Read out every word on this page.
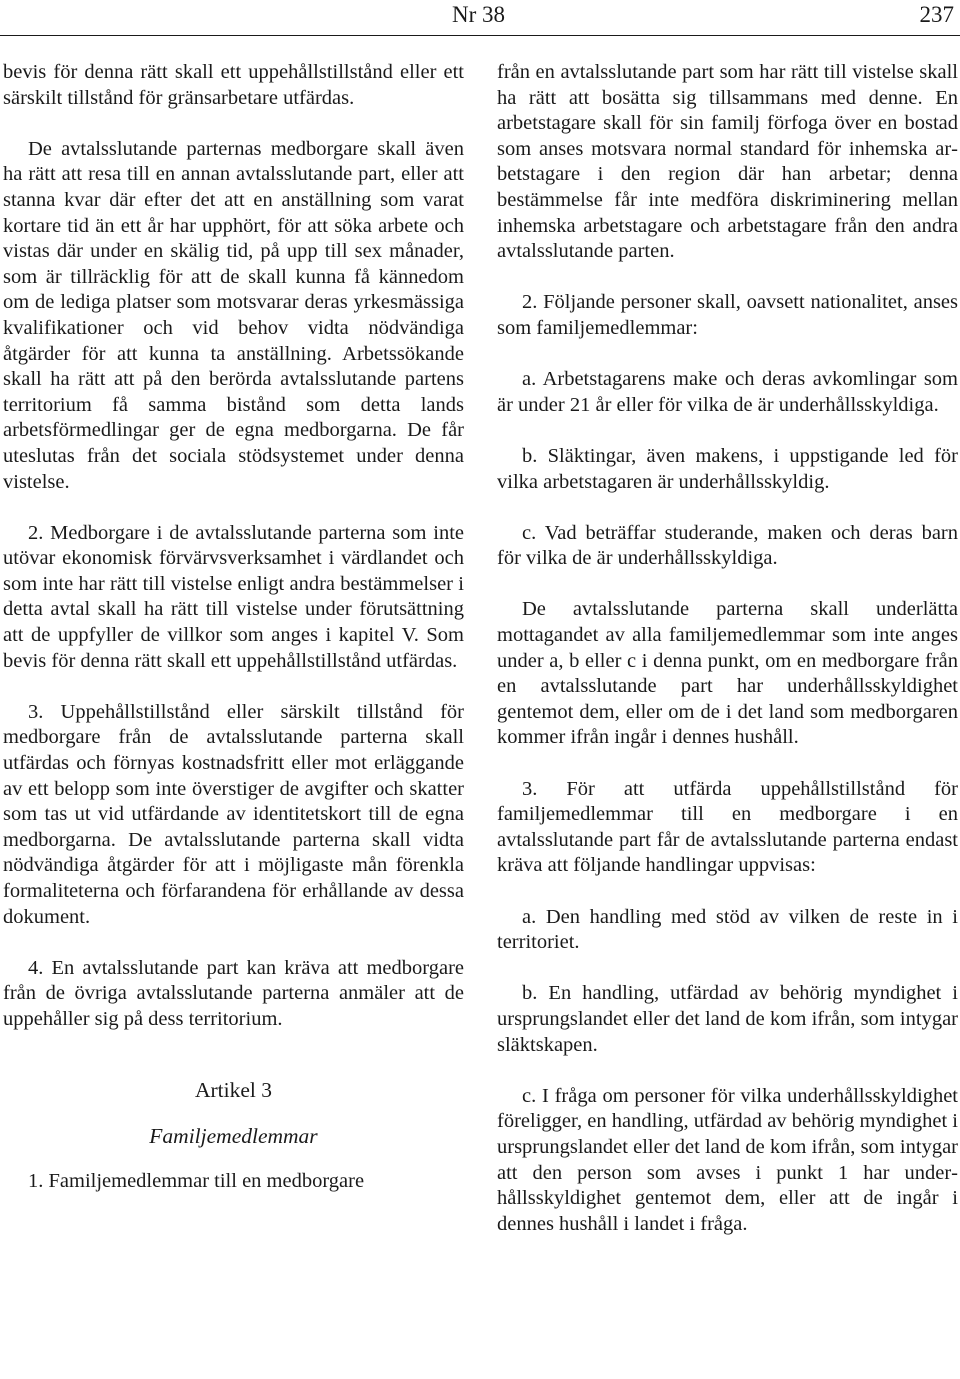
Nr 38	237

bevis för denna rätt skall ett uppehållstillstånd eller ett särskilt tillstånd för gränsarbetare utfärdas.

De avtalsslutande parternas medborgare skall även ha rätt att resa till en annan avtalsslutande part, eller att stanna kvar där efter det att en anställning som varat kortare tid än ett år har upphört, för att söka arbete och vistas där under en skälig tid, på upp till sex månader, som är tillräcklig för att de skall kunna få kännedom om de lediga platser som motsvarar deras yrkesmässiga kvalifikationer och vid behov vidta nödvändiga åtgärder för att kunna ta anställning. Arbetssökande skall ha rätt att på den berörda avtalsslutande partens territorium få samma bistånd som detta lands arbetsförmedlingar ger de egna medborgarna. De får uteslutas från det sociala stödsystemet under denna vistelse.

2. Medborgare i de avtalsslutande parterna som inte utövar ekonomisk förvärvsverksamhet i värdlandet och som inte har rätt till vistelse enligt andra bestämmelser i detta avtal skall ha rätt till vistelse under förutsättning att de uppfyller de villkor som anges i kapitel V. Som bevis för denna rätt skall ett uppehållstillstånd utfärdas.

3. Uppehållstillstånd eller särskilt tillstånd för medborgare från de avtalsslutande parterna skall utfärdas och förnyas kostnadsfritt eller mot erläggande av ett belopp som inte överstiger de avgifter och skatter som tas ut vid utfärdande av identitetskort till de egna medborgarna. De avtalsslutande parterna skall vidta nödvändiga åtgärder för att i möjligaste mån förenkla formaliteterna och förfarandena för erhållande av dessa dokument.

4. En avtalsslutande part kan kräva att medborgare från de övriga avtalsslutande parterna anmäler att de uppehåller sig på dess territorium.

Artikel 3
Familjemedlemmar

1. Familjemedlemmar till en medborgare

från en avtalsslutande part som har rätt till vistelse skall ha rätt att bosätta sig tillsammans med denne. En arbetstagare skall för sin familj förfoga över en bostad som anses motsvara normal standard för inhemska arbetstagare i den region där han arbetar; denna bestämmelse får inte medföra diskriminering mellan inhemska arbetstagare och arbetstagare från den andra avtalsslutande parten.

2. Följande personer skall, oavsett nationalitet, anses som familjemedlemmar:

a. Arbetstagarens make och deras avkomlingar som är under 21 år eller för vilka de är underhållsskyldiga.

b. Släktingar, även makens, i uppstigande led för vilka arbetstagaren är underhållsskyldig.

c. Vad beträffar studerande, maken och deras barn för vilka de är underhållsskyldiga.

De avtalsslutande parterna skall underlätta mottagandet av alla familjemedlemmar som inte anges under a, b eller c i denna punkt, om en medborgare från en avtalsslutande part har underhållsskyldighet gentemot dem, eller om de i det land som medborgaren kommer ifrån ingår i dennes hushåll.

3. För att utfärda uppehållstillstånd för familjemedlemmar till en medborgare i en avtalsslutande part får de avtalsslutande parterna endast kräva att följande handlingar uppvisas:

a. Den handling med stöd av vilken de reste in i territoriet.

b. En handling, utfärdad av behörig myndighet i ursprungslandet eller det land de kom ifrån, som intygar släktskapen.

c. I fråga om personer för vilka underhållsskyldighet föreligger, en handling, utfärdad av behörig myndighet i ursprungslandet eller det land de kom ifrån, som intygar att den person som avses i punkt 1 har underhållsskyldighet gentemot dem, eller att de ingår i dennes hushåll i landet i fråga.
